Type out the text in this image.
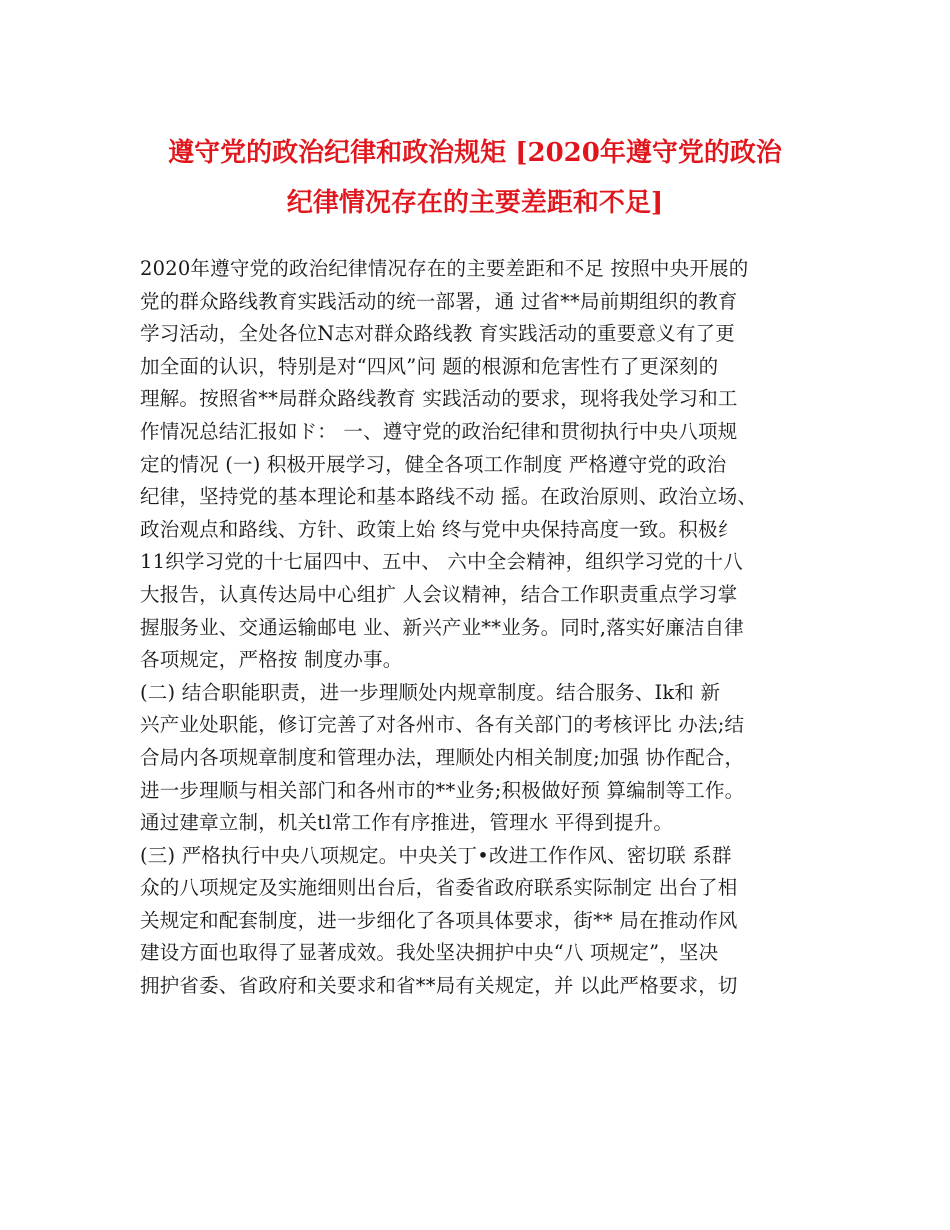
遵守党的政治纪律和政治规矩 [2020年遵守党的政治
纪律情况存在的主要差距和不足]
2020年遵守党的政治纪律情况存在的主要差距和不足 按照中央开展的
党的群众路线教育实践活动的统一部署，通 过省**局前期组织的教育
学习活动，全处各位N志对群众路线教 育实践活动的重要意义有了更
加全面的认识，特别是对“四风”问 题的根源和危害性冇了更深刻的
理解。按照省**局群众路线教育 实践活动的要求，现将我处学习和工
作情况总结汇报如ド： 一、遵守党的政治纪律和贯彻执行中央八项规
定的情况 (一) 积极开展学习，健全各项工作制度 严格遵守党的政治
纪律，坚持党的基本理论和基本路线不动 摇。在政治原则、政治立场、
政治观点和路线、方针、政策上始 终与党中央保持高度一致。积极纟
11织学习党的十七届四中、五中、 六中全会精神，组织学习党的十八
大报告，认真传达局中心组扩 人会议精神，结合工作职责重点学习掌
握服务业、交通运输邮电 业、新兴产业**业务。同时,落实好廉洁自律
各项规定，严格按 制度办事。
(二) 结合职能职责，进一步理顺处内规章制度。结合服务、Ik和 新
兴产业处职能，修订完善了对各州市、各有关部门的考核评比 办法;结
合局内各项规章制度和管理办法，理顺处内相关制度;加强 协作配合，
进一步理顺与相关部门和各州市的**业务;积极做好预 算编制等工作。
通过建章立制，机关tl常工作有序推进，管理水 平得到提升。
(三) 严格执行中央八项规定。中央关丁•改进工作作风、密切联 系群
众的八项规定及实施细则出台后，省委省政府联系实际制定 出台了相
关规定和配套制度，进一步细化了各项具体要求，街** 局在推动作风
建设方面也取得了显著成效。我处坚决拥护中央“八 项规定”，坚决
拥护省委、省政府和关要求和省**局有关规定，并 以此严格要求，切
